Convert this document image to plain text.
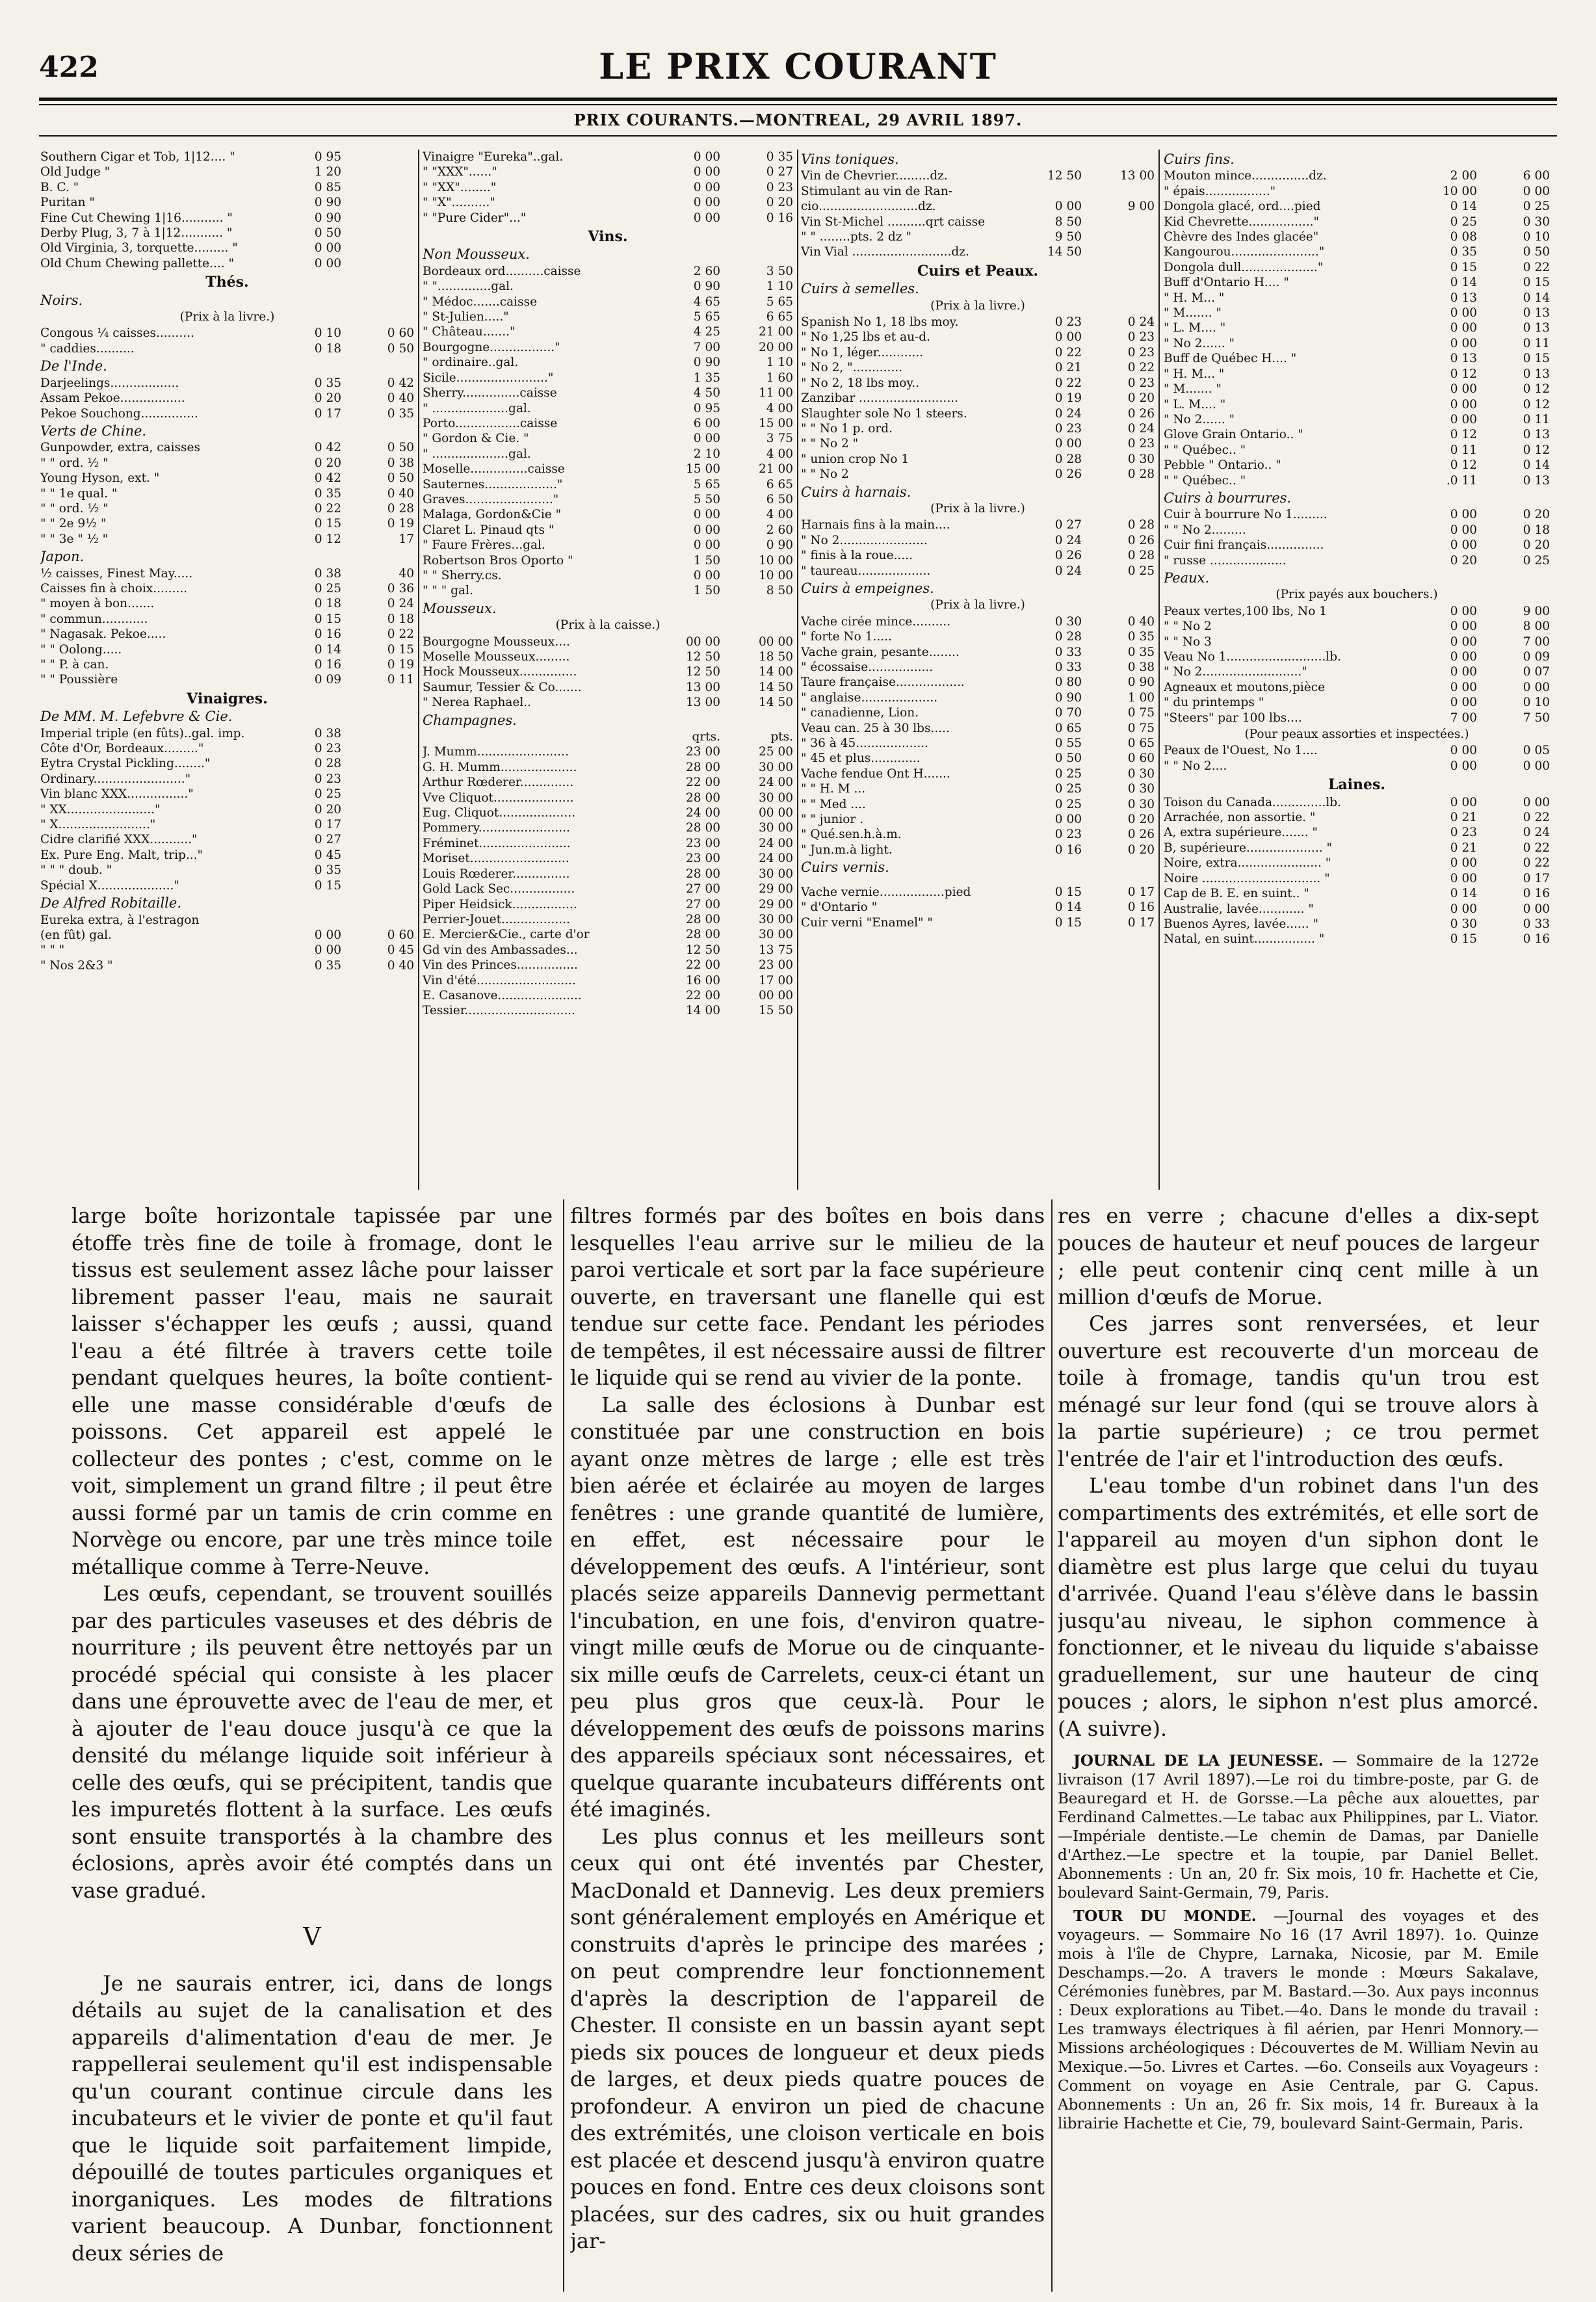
422	LE PRIX COURANT
PRIX COURANTS.—MONTREAL, 29 AVRIL 1897.
Southern Cigar et Tob, 1|12.... "	0 95
Old Judge "	1 20
B. C. "	0 85
Puritan "	0 90
Fine Cut Chewing 1|16........... "	0 90
Derby Plug, 3, 7 à 1|12........... "	0 50
Old Virginia, 3, torquette......... "	0 00
Old Chum Chewing pallette.... "	0 00
Thés.
Noirs.
(Prix à la livre.)
Congous ¼ caisses..........	0 10	0 60
" caddies..........	0 18	0 50
De l'Inde.
Darjeelings..................	0 35	0 42
Assam Pekoe.................	0 20	0 40
Pekoe Souchong...............	0 17	0 35
Verts de Chine.
Gunpowder, extra, caisses	0 42	0 50
" " ord. ½ "	0 20	0 38
Young Hyson, ext. "	0 42	0 50
" " 1e qual. "	0 35	0 40
" " ord. ½ "	0 22	0 28
" " 2e 9½ "	0 15	0 19
" " 3e " ½ "	0 12	17
Japon.
½ caisses, Finest May.....	0 38	40
Caisses fin à choix.........	0 25	0 36
" moyen à bon.......	0 18	0 24
" commun............	0 15	0 18
" Nagasak. Pekoe.....	0 16	0 22
" " Oolong.....	0 14	0 15
" " P. à can.	0 16	0 19
" " Poussière	0 09	0 11
Vinaigres.
De MM. M. Lefebvre & Cie.
Imperial triple (en fûts)..gal. imp.	0 38
Côte d'Or, Bordeaux........."	0 23
Eytra Crystal Pickling........"	0 28
Ordinary........................"	0 23
Vin blanc XXX................"	0 25
" XX......................."	0 20
" X........................"	0 17
Cidre clarifié XXX..........."	0 27
Ex. Pure Eng. Malt, trip..."	0 45
" " " doub. "	0 35
Spécial X...................."	0 15
De Alfred Robitaille.
Eureka extra, à l'estragon
(en fût) gal.	0 00	0 60
" " "	0 00	0 45
" Nos 2&3 "	0 35	0 40
Vinaigre "Eureka"..gal.	0 00	0 35
" "XXX"......"	0 00	0 27
" "XX"........"	0 00	0 23
" "X".........."	0 00	0 20
" "Pure Cider"..."	0 00	0 16
Vins.
Non Mousseux.
Bordeaux ord..........caisse	2 60	3 50
" "..............gal.	0 90	1 10
" Médoc.......caisse	4 65	5 65
" St-Julien....."	5 65	6 65
" Château......."	4 25	21 00
Bourgogne................."	7 00	20 00
" ordinaire..gal.	0 90	1 10
Sicile........................"	1 35	1 60
Sherry...............caisse	4 50	11 00
" ....................gal.	0 95	4 00
Porto.................caisse	6 00	15 00
" Gordon & Cie. "	0 00	3 75
" ....................gal.	2 10	4 00
Moselle...............caisse	15 00	21 00
Sauternes..................."	5 65	6 65
Graves......................."	5 50	6 50
Malaga, Gordon&Cie "	0 00	4 00
Claret L. Pinaud qts "	0 00	2 60
" Faure Frères...gal.	0 00	0 90
Robertson Bros Oporto "	1 50	10 00
" " Sherry.cs.	0 00	10 00
" " " gal.	1 50	8 50
Mousseux.
(Prix à la caisse.)
Bourgogne Mousseux....	00 00	00 00
Moselle Mousseux.........	12 50	18 50
Hock Mousseux...............	12 50	14 00
Saumur, Tessier & Co.......	13 00	14 50
" Nerea Raphael..	13 00	14 50
Champagnes.
qrts.	pts.
J. Mumm........................	23 00	25 00
G. H. Mumm....................	28 00	30 00
Arthur Rœderer..............	22 00	24 00
Vve Cliquot.....................	28 00	30 00
Eug. Cliquot....................	24 00	00 00
Pommery........................	28 00	30 00
Fréminet........................	23 00	24 00
Moriset..........................	23 00	24 00
Louis Rœderer...............	28 00	30 00
Gold Lack Sec.................	27 00	29 00
Piper Heidsick.................	27 00	29 00
Perrier-Jouet..................	28 00	30 00
E. Mercier&Cie., carte d'or	28 00	30 00
Gd vin des Ambassades...	12 50	13 75
Vin des Princes................	22 00	23 00
Vin d'été..........................	16 00	17 00
E. Casanove......................	22 00	00 00
Tessier.............................	14 00	15 50
Vins toniques.
Vin de Chevrier.........dz.	12 50	13 00
Stimulant au vin de Ran-
cio..........................dz.	0 00	9 00
Vin St-Michel ..........qrt caisse	8 50
" " ........pts. 2 dz "	9 50
Vin Vial ..........................dz.	14 50
Cuirs et Peaux.
Cuirs à semelles.
(Prix à la livre.)
Spanish No 1, 18 lbs moy.	0 23	0 24
" No 1,25 lbs et au-d.	0 00	0 23
" No 1, léger............	0 22	0 23
" No 2, ".............	0 21	0 22
" No 2, 18 lbs moy..	0 22	0 23
Zanzibar ..........................	0 19	0 20
Slaughter sole No 1 steers.	0 24	0 26
" " No 1 p. ord.	0 23	0 24
" " No 2 "	0 00	0 23
" union crop No 1	0 28	0 30
" " No 2	0 26	0 28
Cuirs à harnais.
(Prix à la livre.)
Harnais fins à la main....	0 27	0 28
" No 2.......................	0 24	0 26
" finis à la roue.....	0 26	0 28
" taureau...................	0 24	0 25
Cuirs à empeignes.
(Prix à la livre.)
Vache cirée mince..........	0 30	0 40
" forte No 1.....	0 28	0 35
Vache grain, pesante........	0 33	0 35
" écossaise.................	0 33	0 38
Taure française..................	0 80	0 90
" anglaise....................	0 90	1 00
" canadienne, Lion.	0 70	0 75
Veau can. 25 à 30 lbs.....	0 65	0 75
" 36 à 45...................	0 55	0 65
" 45 et plus.............	0 50	0 60
Vache fendue Ont H.......	0 25	0 30
" " H. M ...	0 25	0 30
" " Med ....	0 25	0 30
" " junior .	0 00	0 20
" Qué.sen.h.à.m.	0 23	0 26
" Jun.m.à light.	0 16	0 20
Cuirs vernis.
Vache vernie.................pied	0 15	0 17
" d'Ontario "	0 14	0 16
Cuir verni "Enamel" "	0 15	0 17
Cuirs fins.
Mouton mince...............dz.	2 00	6 00
" épais................."	10 00	0 00
Dongola glacé, ord....pied	0 14	0 25
Kid Chevrette................."	0 25	0 30
Chèvre des Indes glacée"	0 08	0 10
Kangourou......................."	0 35	0 50
Dongola dull...................."	0 15	0 22
Buff d'Ontario H.... "	0 14	0 15
" H. M... "	0 13	0 14
" M....... "	0 00	0 13
" L. M.... "	0 00	0 13
" No 2...... "	0 00	0 11
Buff de Québec H.... "	0 13	0 15
" H. M... "	0 12	0 13
" M....... "	0 00	0 12
" L. M.... "	0 00	0 12
" No 2...... "	0 00	0 11
Glove Grain Ontario.. "	0 12	0 13
" " Québec.. "	0 11	0 12
Pebble " Ontario.. "	0 12	0 14
" " Québec.. "	.0 11	0 13
Cuirs à bourrures.
Cuir à bourrure No 1.........	0 00	0 20
" " No 2.........	0 00	0 18
Cuir fini français...............	0 00	0 20
" russe ....................	0 20	0 25
Peaux.
(Prix payés aux bouchers.)
Peaux vertes,100 lbs, No 1	0 00	9 00
" " No 2	0 00	8 00
" " No 3	0 00	7 00
Veau No 1..........................lb.	0 00	0 09
" No 2.........................."	0 00	0 07
Agneaux et moutons,pièce	0 00	0 00
" du printemps "	0 00	0 10
"Steers" par 100 lbs....	7 00	7 50
(Pour peaux assorties et inspectées.)
Peaux de l'Ouest, No 1....	0 00	0 05
" " No 2....	0 00	0 00
Laines.
Toison du Canada..............lb.	0 00	0 00
Arrachée, non assortie. "	0 21	0 22
A, extra supérieure....... "	0 23	0 24
B, supérieure.................... "	0 21	0 22
Noire, extra...................... "	0 00	0 22
Noire ............................... "	0 00	0 17
Cap de B. E. en suint.. "	0 14	0 16
Australie, lavée............ "	0 00	0 00
Buenos Ayres, lavée...... "	0 30	0 33
Natal, en suint................ "	0 15	0 16

large boîte horizontale tapissée par une étoffe très fine de toile à fromage, dont le tissus est seulement assez lâche pour laisser librement passer l'eau, mais ne saurait laisser s'échapper les œufs ; aussi, quand l'eau a été filtrée à travers cette toile pendant quelques heures, la boîte contient-elle une masse considérable d'œufs de poissons. Cet appareil est appelé le collecteur des pontes ; c'est, comme on le voit, simplement un grand filtre ; il peut être aussi formé par un tamis de crin comme en Norvège ou encore, par une très mince toile métallique comme à Terre-Neuve.

Les œufs, cependant, se trouvent souillés par des particules vaseuses et des débris de nourriture ; ils peuvent être nettoyés par un procédé spécial qui consiste à les placer dans une éprouvette avec de l'eau de mer, et à ajouter de l'eau douce jusqu'à ce que la densité du mélange liquide soit inférieur à celle des œufs, qui se précipitent, tandis que les impuretés flottent à la surface. Les œufs sont ensuite transportés à la chambre des éclosions, après avoir été comptés dans un vase gradué.

V

Je ne saurais entrer, ici, dans de longs détails au sujet de la canalisation et des appareils d'alimentation d'eau de mer. Je rappellerai seulement qu'il est indispensable qu'un courant continue circule dans les incubateurs et le vivier de ponte et qu'il faut que le liquide soit parfaitement limpide, dépouillé de toutes particules organiques et inorganiques. Les modes de filtrations varient beaucoup. A Dunbar, fonctionnent deux séries de

filtres formés par des boîtes en bois dans lesquelles l'eau arrive sur le milieu de la paroi verticale et sort par la face supérieure ouverte, en traversant une flanelle qui est tendue sur cette face. Pendant les périodes de tempêtes, il est nécessaire aussi de filtrer le liquide qui se rend au vivier de la ponte.

La salle des éclosions à Dunbar est constituée par une construction en bois ayant onze mètres de large ; elle est très bien aérée et éclairée au moyen de larges fenêtres : une grande quantité de lumière, en effet, est nécessaire pour le développement des œufs. A l'intérieur, sont placés seize appareils Dannevig permettant l'incubation, en une fois, d'environ quatre-vingt mille œufs de Morue ou de cinquante-six mille œufs de Carrelets, ceux-ci étant un peu plus gros que ceux-là. Pour le développement des œufs de poissons marins des appareils spéciaux sont nécessaires, et quelque quarante incubateurs différents ont été imaginés.

Les plus connus et les meilleurs sont ceux qui ont été inventés par Chester, MacDonald et Dannevig. Les deux premiers sont généralement employés en Amérique et construits d'après le principe des marées ; on peut comprendre leur fonctionnement d'après la description de l'appareil de Chester. Il consiste en un bassin ayant sept pieds six pouces de longueur et deux pieds de larges, et deux pieds quatre pouces de profondeur. A environ un pied de chacune des extrémités, une cloison verticale en bois est placée et descend jusqu'à environ quatre pouces en fond. Entre ces deux cloisons sont placées, sur des cadres, six ou huit grandes jar-

res en verre ; chacune d'elles a dix-sept pouces de hauteur et neuf pouces de largeur ; elle peut contenir cinq cent mille à un million d'œufs de Morue.

Ces jarres sont renversées, et leur ouverture est recouverte d'un morceau de toile à fromage, tandis qu'un trou est ménagé sur leur fond (qui se trouve alors à la partie supérieure) ; ce trou permet l'entrée de l'air et l'introduction des œufs.

L'eau tombe d'un robinet dans l'un des compartiments des extrémités, et elle sort de l'appareil au moyen d'un siphon dont le diamètre est plus large que celui du tuyau d'arrivée. Quand l'eau s'élève dans le bassin jusqu'au niveau, le siphon commence à fonctionner, et le niveau du liquide s'abaisse graduellement, sur une hauteur de cinq pouces ; alors, le siphon n'est plus amorcé. (A suivre).

JOURNAL DE LA JEUNESSE. — Sommaire de la 1272e livraison (17 Avril 1897).—Le roi du timbre-poste, par G. de Beauregard et H. de Gorsse.—La pêche aux alouettes, par Ferdinand Calmettes.—Le tabac aux Philippines, par L. Viator.—Impériale dentiste.—Le chemin de Damas, par Danielle d'Arthez.—Le spectre et la toupie, par Daniel Bellet. Abonnements : Un an, 20 fr. Six mois, 10 fr. Hachette et Cie, boulevard Saint-Germain, 79, Paris.

TOUR DU MONDE. —Journal des voyages et des voyageurs. — Sommaire No 16 (17 Avril 1897). 1o. Quinze mois à l'île de Chypre, Larnaka, Nicosie, par M. Emile Deschamps.—2o. A travers le monde : Mœurs Sakalave, Cérémonies funèbres, par M. Bastard.—3o. Aux pays inconnus : Deux explorations au Tibet.—4o. Dans le monde du travail : Les tramways électriques à fil aérien, par Henri Monnory.—Missions archéologiques : Découvertes de M. William Nevin au Mexique.—5o. Livres et Cartes. —6o. Conseils aux Voyageurs : Comment on voyage en Asie Centrale, par G. Capus. Abonnements : Un an, 26 fr. Six mois, 14 fr. Bureaux à la librairie Hachette et Cie, 79, boulevard Saint-Germain, Paris.
